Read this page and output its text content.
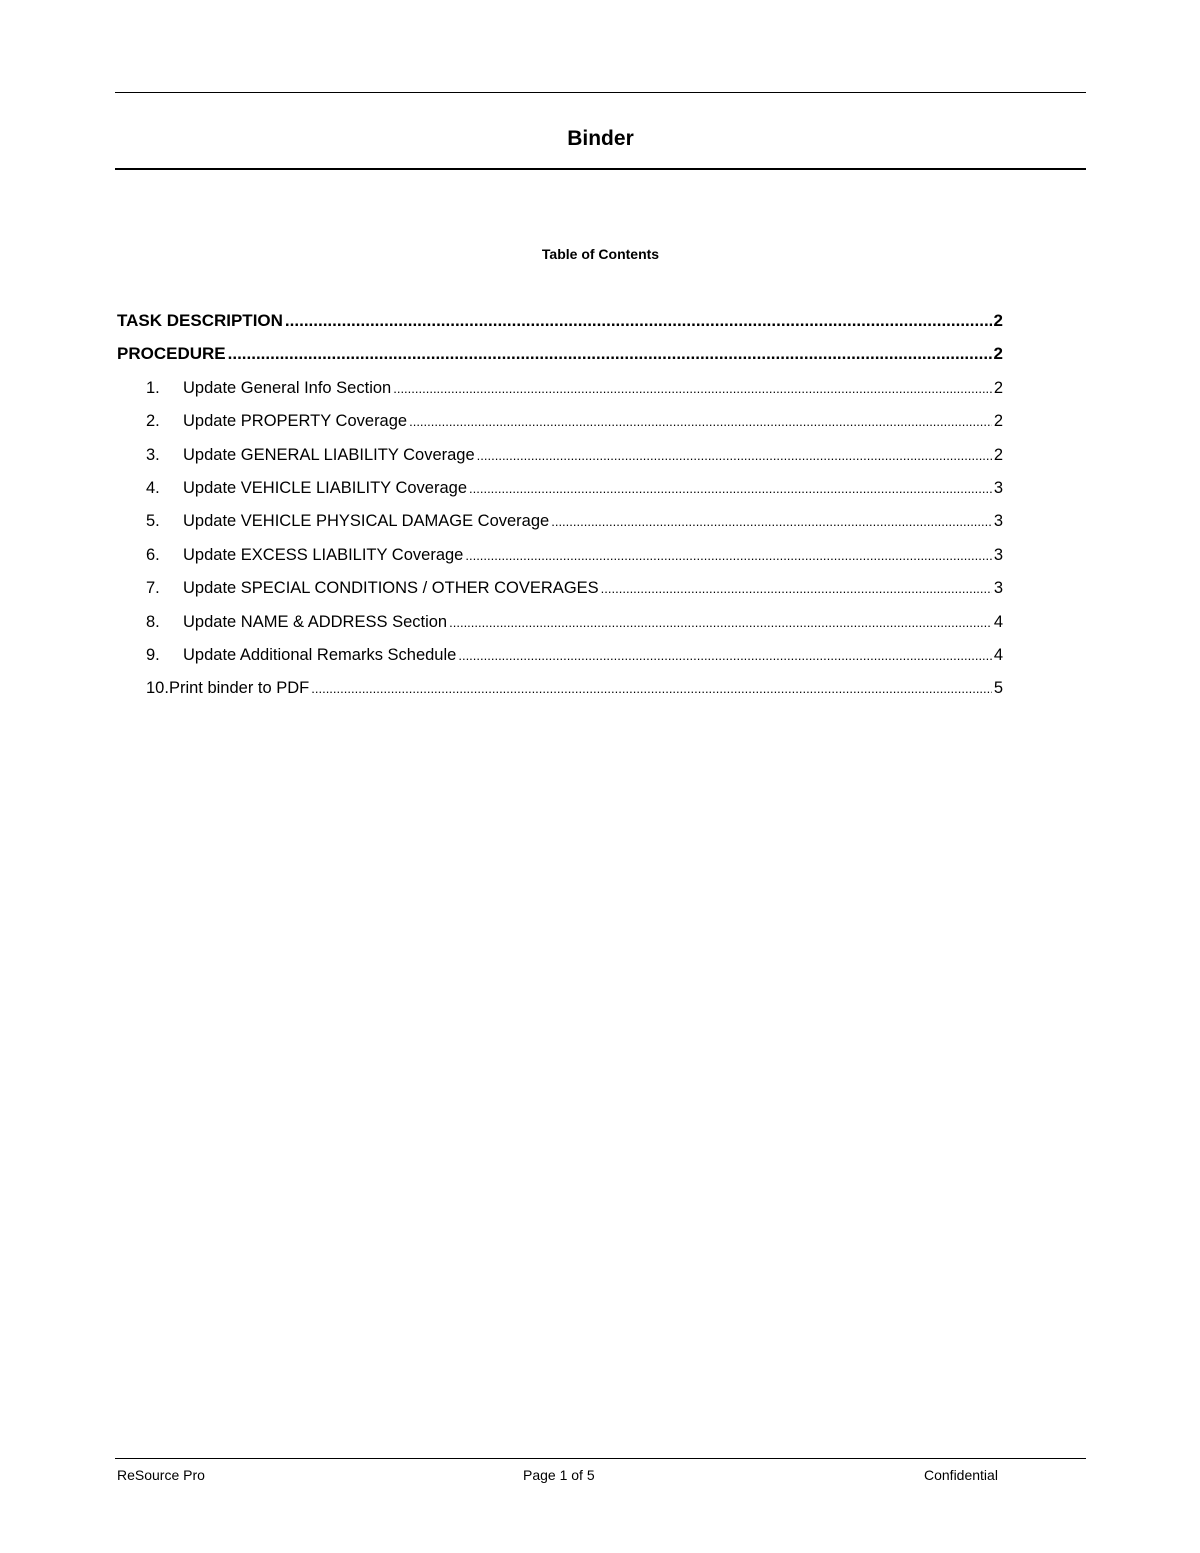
Binder
Table of Contents
TASK DESCRIPTION .....	2
PROCEDURE .....	2
1.	Update General Info Section .....	2
2.	Update PROPERTY Coverage .....	2
3.	Update GENERAL LIABILITY Coverage .....	2
4.	Update VEHICLE LIABILITY Coverage .....	3
5.	Update VEHICLE PHYSICAL DAMAGE Coverage .....	3
6.	Update EXCESS LIABILITY Coverage .....	3
7.	Update SPECIAL CONDITIONS / OTHER COVERAGES .....	3
8.	Update NAME & ADDRESS Section .....	4
9.	Update Additional Remarks Schedule .....	4
10. Print binder to PDF .....	5
ReSource Pro	Page 1 of 5	Confidential
